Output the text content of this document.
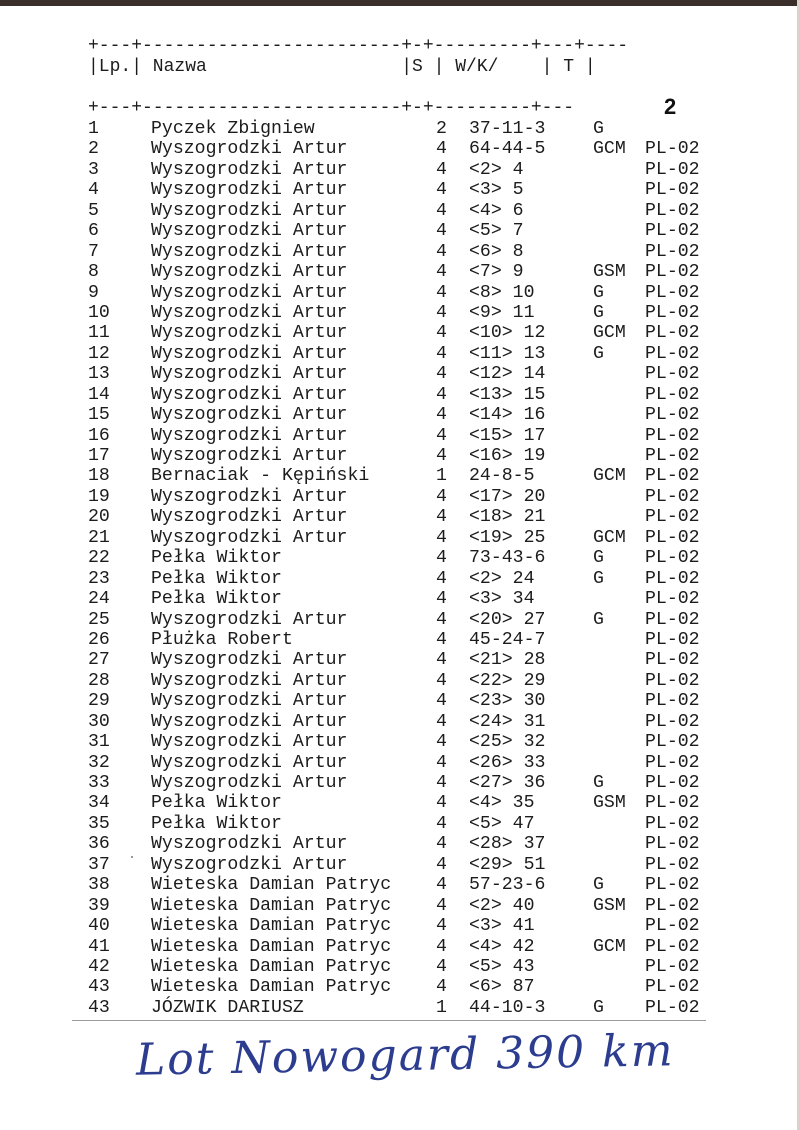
+---+------------------------+-+---------+---+----
|Lp.| Nazwa                  |S | W/K/    | T |
+---+------------------------+-+---------+---	2
1	Pyczek Zbigniew	2 37-11-3	G
2	Wyszogrodzki Artur	4 64-44-5	GCM PL-02
3	Wyszogrodzki Artur	4 <2> 4	PL-02
4	Wyszogrodzki Artur	4 <3> 5	PL-02
5	Wyszogrodzki Artur	4 <4> 6	PL-02
6	Wyszogrodzki Artur	4 <5> 7	PL-02
7	Wyszogrodzki Artur	4 <6> 8	PL-02
8	Wyszogrodzki Artur	4 <7> 9	GSM PL-02
9	Wyszogrodzki Artur	4 <8> 10	G PL-02
10 Wyszogrodzki Artur	4 <9> 11	G PL-02
11 Wyszogrodzki Artur	4 <10> 12	GCM PL-02
12 Wyszogrodzki Artur	4 <11> 13	G PL-02
13 Wyszogrodzki Artur	4 <12> 14	PL-02
14 Wyszogrodzki Artur	4 <13> 15	PL-02
15 Wyszogrodzki Artur	4 <14> 16	PL-02
16 Wyszogrodzki Artur	4 <15> 17	PL-02
17 Wyszogrodzki Artur	4 <16> 19	PL-02
18 Bernaciak - Kępiński	1 24-8-5	GCM PL-02
19 Wyszogrodzki Artur	4 <17> 20	PL-02
20 Wyszogrodzki Artur	4 <18> 21	PL-02
21 Wyszogrodzki Artur	4 <19> 25	GCM PL-02
22 Pełka Wiktor	4 73-43-6	G PL-02
23 Pełka Wiktor	4 <2> 24	G PL-02
24 Pełka Wiktor	4 <3> 34	PL-02
25 Wyszogrodzki Artur	4 <20> 27	G PL-02
26 Płużka Robert	4 45-24-7	PL-02
27 Wyszogrodzki Artur	4 <21> 28	PL-02
28 Wyszogrodzki Artur	4 <22> 29	PL-02
29 Wyszogrodzki Artur	4 <23> 30	PL-02
30 Wyszogrodzki Artur	4 <24> 31	PL-02
31 Wyszogrodzki Artur	4 <25> 32	PL-02
32 Wyszogrodzki Artur	4 <26> 33	PL-02
33 Wyszogrodzki Artur	4 <27> 36	G PL-02
34 Pełka Wiktor	4 <4> 35	GSM PL-02
35 Pełka Wiktor	4 <5> 47	PL-02
36 Wyszogrodzki Artur	4 <28> 37	PL-02
37 Wyszogrodzki Artur	4 <29> 51	PL-02
38 Wieteska Damian Patryc 4 57-23-6	G PL-02
39 Wieteska Damian Patryc 4 <2> 40	GSM PL-02
40 Wieteska Damian Patryc 4 <3> 41	PL-02
41 Wieteska Damian Patryc 4 <4> 42	GCM PL-02
42 Wieteska Damian Patryc 4 <5> 43	PL-02
43 Wieteska Damian Patryc 4 <6> 87	PL-02
43 JÓZWIK DARIUSZ	1 44-10-3	G PL-02
Lot Nowogard 390 km
